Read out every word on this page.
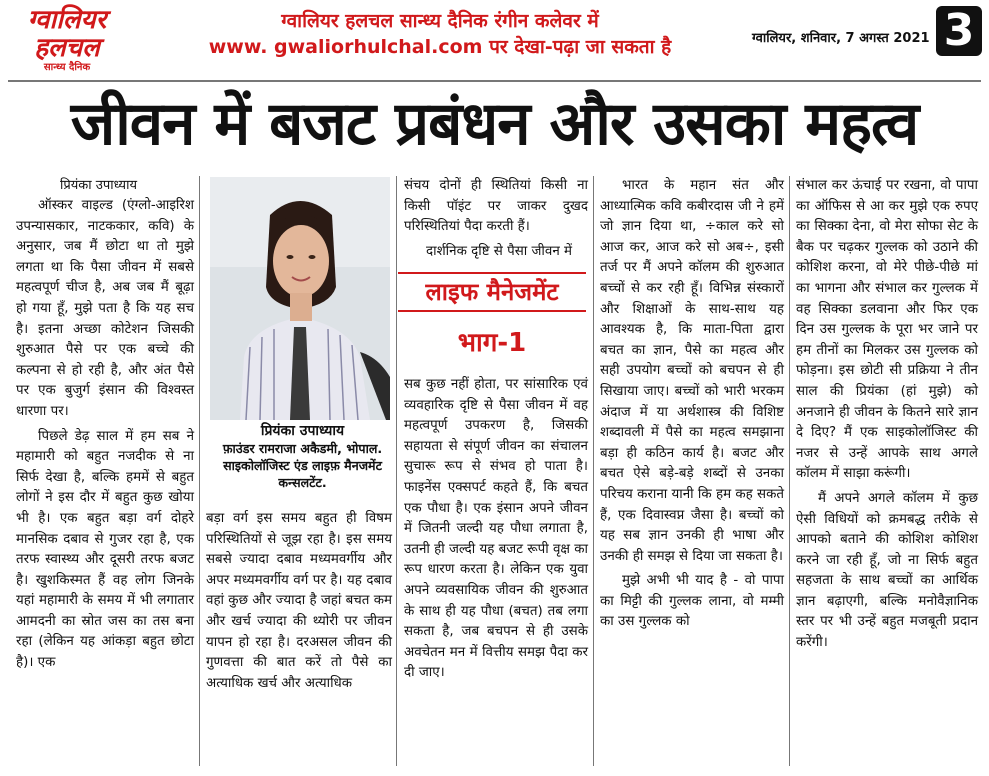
ग्वालियर
हलचल
सान्ध्य दैनिक
ग्वालियर हलचल सान्ध्य दैनिक रंगीन कलेवर में
www. gwaliorhulchal.com पर देखा-पढ़ा जा सकता है	ग्वालियर, शनिवार, 7 अगस्त 2021 3
जीवन में बजट प्रबंधन और उसका महत्व
प्रियंका उपाध्याय

ऑस्कर वाइल्ड (एंग्लो-आइरिश उपन्यासकार, नाटककार, कवि) के अनुसार, जब मैं छोटा था तो मुझे लगता था कि पैसा जीवन में सबसे महत्वपूर्ण चीज है, अब जब मैं बूढ़ा हो गया हूँ, मुझे पता है कि यह सच है। इतना अच्छा कोटेशन जिसकी शुरुआत पैसे पर एक बच्चे की कल्पना से हो रही है, और अंत पैसे पर एक बुजुर्ग इंसान की विश्वस्त धारणा पर।

पिछले डेढ़ साल में हम सब ने महामारी को बहुत नजदीक से ना सिर्फ देखा है, बल्कि हममें से बहुत लोगों ने इस दौर में बहुत कुछ खोया भी है। एक बहुत बड़ा वर्ग दोहरे मानसिक दबाव से गुजर रहा है, एक तरफ स्वास्थ्य और दूसरी तरफ बजट है। खुशकिस्मत हैं वह लोग जिनके यहां महामारी के समय में भी लगातार आमदनी का स्रोत जस का तस बना रहा (लेकिन यह आंकड़ा बहुत छोटा है)। एक

प्रियंका उपाध्याय
फ़ाउंडर रामराजा अकैडमी, भोपाल.
साइकोलॉजिस्ट एंड लाइफ़ मैनजमेंट कन्सलटेंट.

बड़ा वर्ग इस समय बहुत ही विषम परिस्थितियों से जूझ रहा है। इस समय सबसे ज्यादा दबाव मध्यमवर्गीय और अपर मध्यमवर्गीय वर्ग पर है। यह दबाव वहां कुछ और ज्यादा है जहां बचत कम और खर्च ज्यादा की थ्योरी पर जीवन यापन हो रहा है। दरअसल जीवन की गुणवत्ता की बात करें तो पैसे का अत्याधिक खर्च और अत्याधिक

संचय दोनों ही स्थितियां किसी ना किसी पॉइंट पर जाकर दुखद परिस्थितियां पैदा करती हैं।

दार्शनिक दृष्टि से पैसा जीवन में

लाइफ मैनेजमेंट
भाग-1

सब कुछ नहीं होता, पर सांसारिक एवं व्यवहारिक दृष्टि से पैसा जीवन में वह महत्वपूर्ण उपकरण है, जिसकी सहायता से संपूर्ण जीवन का संचालन सुचारू रूप से संभव हो पाता है। फाइनेंस एक्सपर्ट कहते हैं, कि बचत एक पौधा है। एक इंसान अपने जीवन में जितनी जल्दी यह पौधा लगाता है, उतनी ही जल्दी यह बजट रूपी वृक्ष का रूप धारण करता है। लेकिन एक युवा अपने व्यवसायिक जीवन की शुरुआत के साथ ही यह पौधा (बचत) तब लगा सकता है, जब बचपन से ही उसके अवचेतन मन में वित्तीय समझ पैदा कर दी जाए।

भारत के महान संत और आध्यात्मिक कवि कबीरदास जी ने हमें जो ज्ञान दिया था, ÷काल करे सो आज कर, आज करे सो अब÷, इसी तर्ज पर मैं अपने कॉलम की शुरुआत बच्चों से कर रही हूँ। विभिन्न संस्कारों और शिक्षाओं के साथ-साथ यह आवश्यक है, कि माता-पिता द्वारा बचत का ज्ञान, पैसे का महत्व और सही उपयोग बच्चों को बचपन से ही सिखाया जाए। बच्चों को भारी भरकम अंदाज में या अर्थशास्त्र की विशिष्ट शब्दावली में पैसे का महत्व समझाना बड़ा ही कठिन कार्य है। बजट और बचत ऐसे बड़े-बड़े शब्दों से उनका परिचय कराना यानी कि हम कह सकते हैं, एक दिवास्वप्न जैसा है। बच्चों को यह सब ज्ञान उनकी ही भाषा और उनकी ही समझ से दिया जा सकता है।

मुझे अभी भी याद है - वो पापा का मिट्टी की गुल्लक लाना, वो मम्मी का उस गुल्लक को

संभाल कर ऊंचाई पर रखना, वो पापा का ऑफिस से आ कर मुझे एक रुपए का सिक्का देना, वो मेरा सोफा सेट के बैक पर चढ़कर गुल्लक को उठाने की कोशिश करना, वो मेरे पीछे-पीछे मां का भागना और संभाल कर गुल्लक में वह सिक्का डलवाना और फिर एक दिन उस गुल्लक के पूरा भर जाने पर हम तीनों का मिलकर उस गुल्लक को फोड़ना। इस छोटी सी प्रक्रिया ने तीन साल की प्रियंका (हां मुझे) को अनजाने ही जीवन के कितने सारे ज्ञान दे दिए? मैं एक साइकोलॉजिस्ट की नजर से उन्हें आपके साथ अगले कॉलम में साझा करूंगी।

मैं अपने अगले कॉलम में कुछ ऐसी विधियों को क्रमबद्ध तरीके से आपको बताने की कोशिश कोशिश करने जा रही हूँ, जो ना सिर्फ बहुत सहजता के साथ बच्चों का आर्थिक ज्ञान बढ़ाएगी, बल्कि मनोवैज्ञानिक स्तर पर भी उन्हें बहुत मजबूती प्रदान करेंगी।
